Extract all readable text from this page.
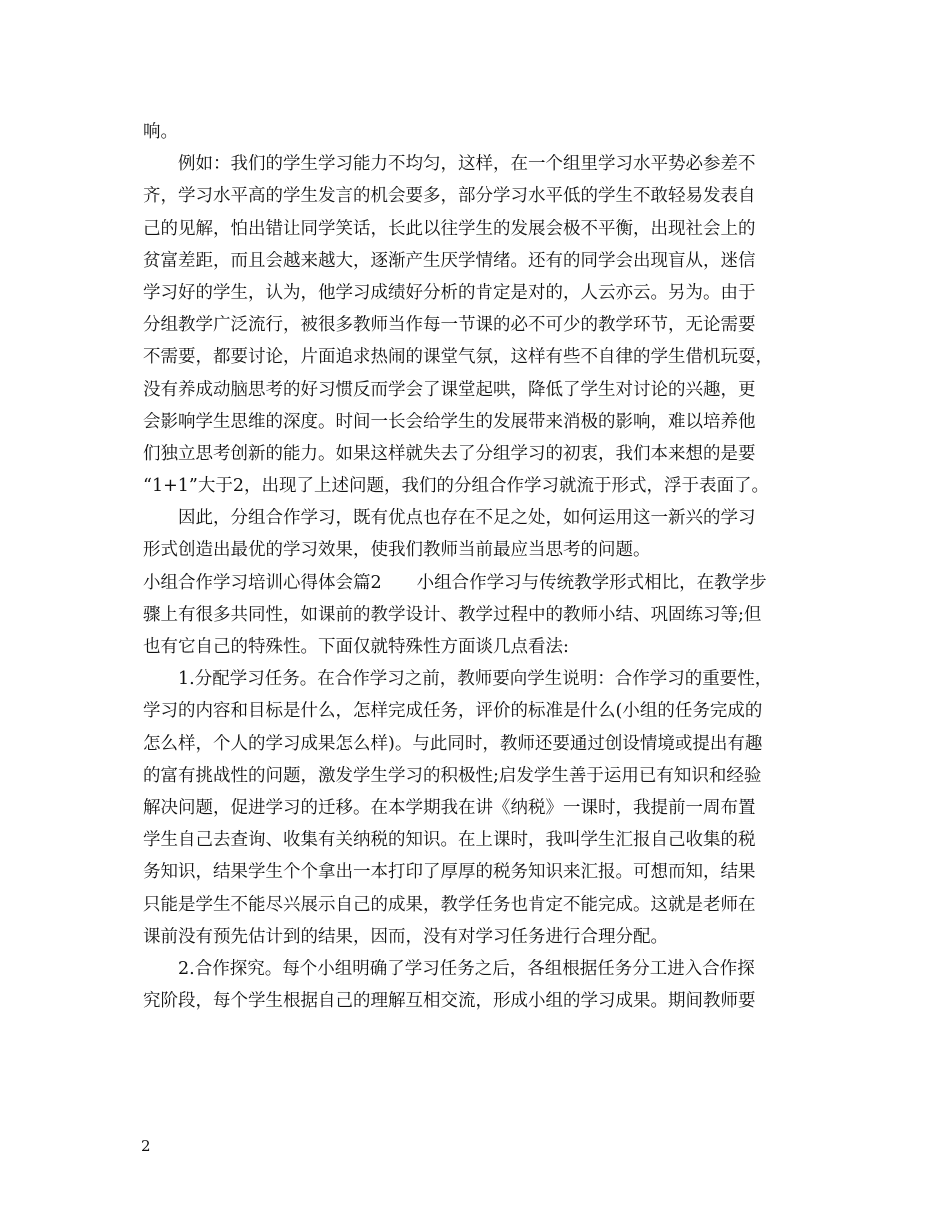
响。
例如：我们的学生学习能力不均匀，这样，在一个组里学习水平势必参差不
齐，学习水平高的学生发言的机会要多，部分学习水平低的学生不敢轻易发表自
己的见解，怕出错让同学笑话，长此以往学生的发展会极不平衡，出现社会上的
贫富差距，而且会越来越大，逐渐产生厌学情绪。还有的同学会出现盲从，迷信
学习好的学生，认为，他学习成绩好分析的肯定是对的，人云亦云。另为。由于
分组教学广泛流行，被很多教师当作每一节课的必不可少的教学环节，无论需要
不需要，都要讨论，片面追求热闹的课堂气氛，这样有些不自律的学生借机玩耍，
没有养成动脑思考的好习惯反而学会了课堂起哄，降低了学生对讨论的兴趣，更
会影响学生思维的深度。时间一长会给学生的发展带来消极的影响，难以培养他
们独立思考创新的能力。如果这样就失去了分组学习的初衷，我们本来想的是要
“1+1”大于2，出现了上述问题，我们的分组合作学习就流于形式，浮于表面了。
因此，分组合作学习，既有优点也存在不足之处，如何运用这一新兴的学习
形式创造出最优的学习效果，使我们教师当前最应当思考的问题。
小组合作学习培训心得体会篇2　　小组合作学习与传统教学形式相比，在教学步
骤上有很多共同性，如课前的教学设计、教学过程中的教师小结、巩固练习等;但
也有它自己的特殊性。下面仅就特殊性方面谈几点看法:
1.分配学习任务。在合作学习之前，教师要向学生说明：合作学习的重要性，
学习的内容和目标是什么，怎样完成任务，评价的标准是什么(小组的任务完成的
怎么样，个人的学习成果怎么样)。与此同时，教师还要通过创设情境或提出有趣
的富有挑战性的问题，激发学生学习的积极性;启发学生善于运用已有知识和经验
解决问题，促进学习的迁移。在本学期我在讲《纳税》一课时，我提前一周布置
学生自己去查询、收集有关纳税的知识。在上课时，我叫学生汇报自己收集的税
务知识，结果学生个个拿出一本打印了厚厚的税务知识来汇报。可想而知，结果
只能是学生不能尽兴展示自己的成果，教学任务也肯定不能完成。这就是老师在
课前没有预先估计到的结果，因而，没有对学习任务进行合理分配。
2.合作探究。每个小组明确了学习任务之后，各组根据任务分工进入合作探
究阶段，每个学生根据自己的理解互相交流，形成小组的学习成果。期间教师要
2
